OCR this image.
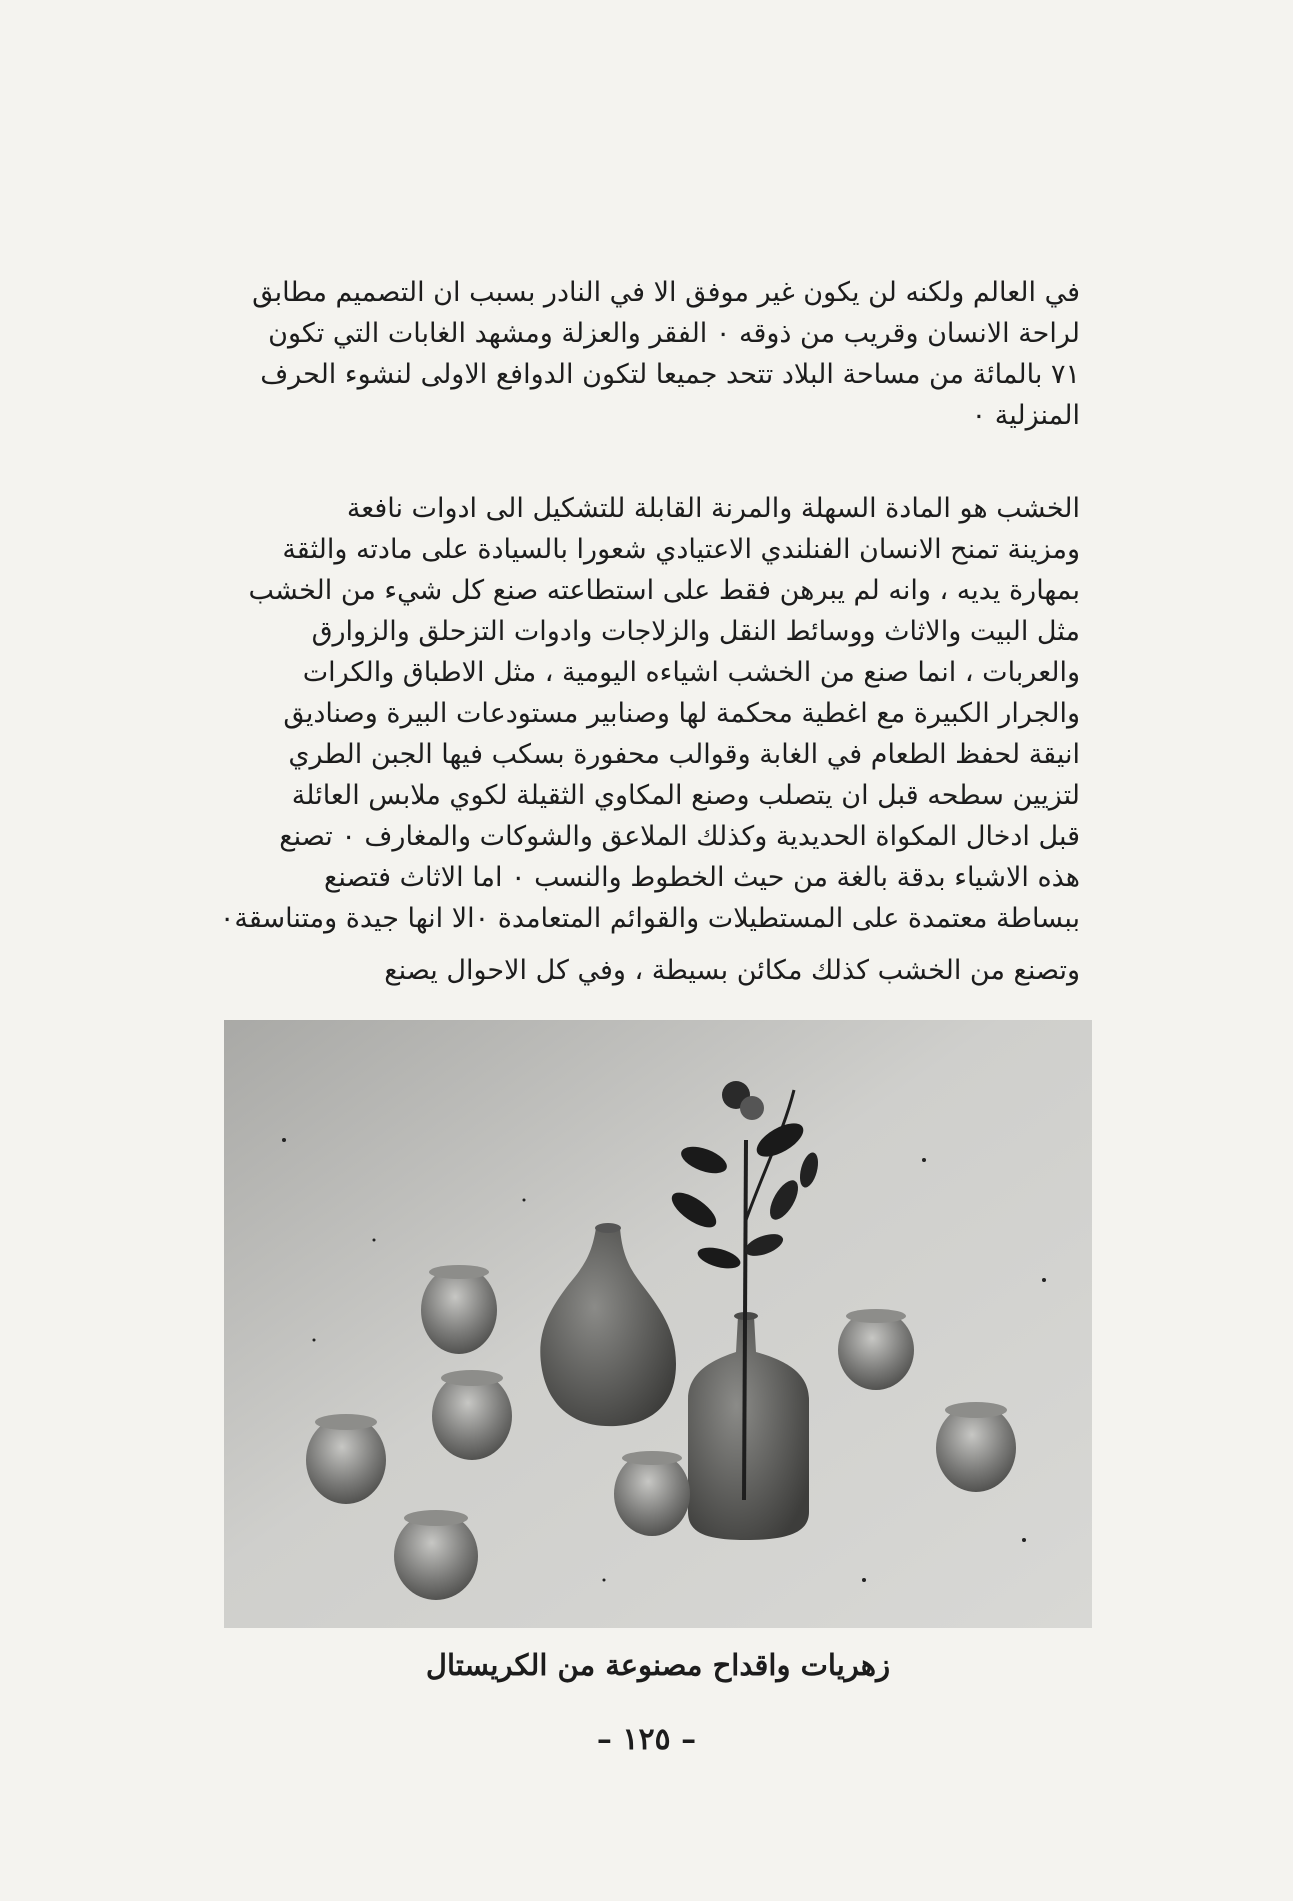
في العالم ولكنه لن يكون غير موفق الا في النادر بسبب ان التصميم مطابق
لراحة الانسان وقريب من ذوقه ٠ الفقر والعزلة ومشهد الغابات التي تكون
٧١ بالمائة من مساحة البلاد تتحد جميعا لتكون الدوافع الاولى لنشوء الحرف
المنزلية ٠
الخشب هو المادة السهلة والمرنة القابلة للتشكيل الى ادوات نافعة
ومزينة تمنح الانسان الفنلندي الاعتيادي شعورا بالسيادة على مادته والثقة
بمهارة يديه ، وانه لم يبرهن فقط على استطاعته صنع كل شيء من الخشب
مثل البيت والاثاث ووسائط النقل والزلاجات وادوات التزحلق والزوارق
والعربات ، انما صنع من الخشب اشياءه اليومية ، مثل الاطباق والكرات
والجرار الكبيرة مع اغطية محكمة لها وصنابير مستودعات البيرة وصناديق
انيقة لحفظ الطعام في الغابة وقوالب محفورة بسكب فيها الجبن الطري
لتزيين سطحه قبل ان يتصلب وصنع المكاوي الثقيلة لكوي ملابس العائلة
قبل ادخال المكواة الحديدية وكذلك الملاعق والشوكات والمغارف ٠ تصنع
هذه الاشياء بدقة بالغة من حيث الخطوط والنسب ٠ اما الاثاث فتصنع
ببساطة معتمدة على المستطيلات والقوائم المتعامدة ٠الا انها جيدة ومتناسقة٠
وتصنع من الخشب كذلك مكائن بسيطة ، وفي كل الاحوال يصنع
زهريات واقداح مصنوعة من الكريستال
– ١٢٥ –
